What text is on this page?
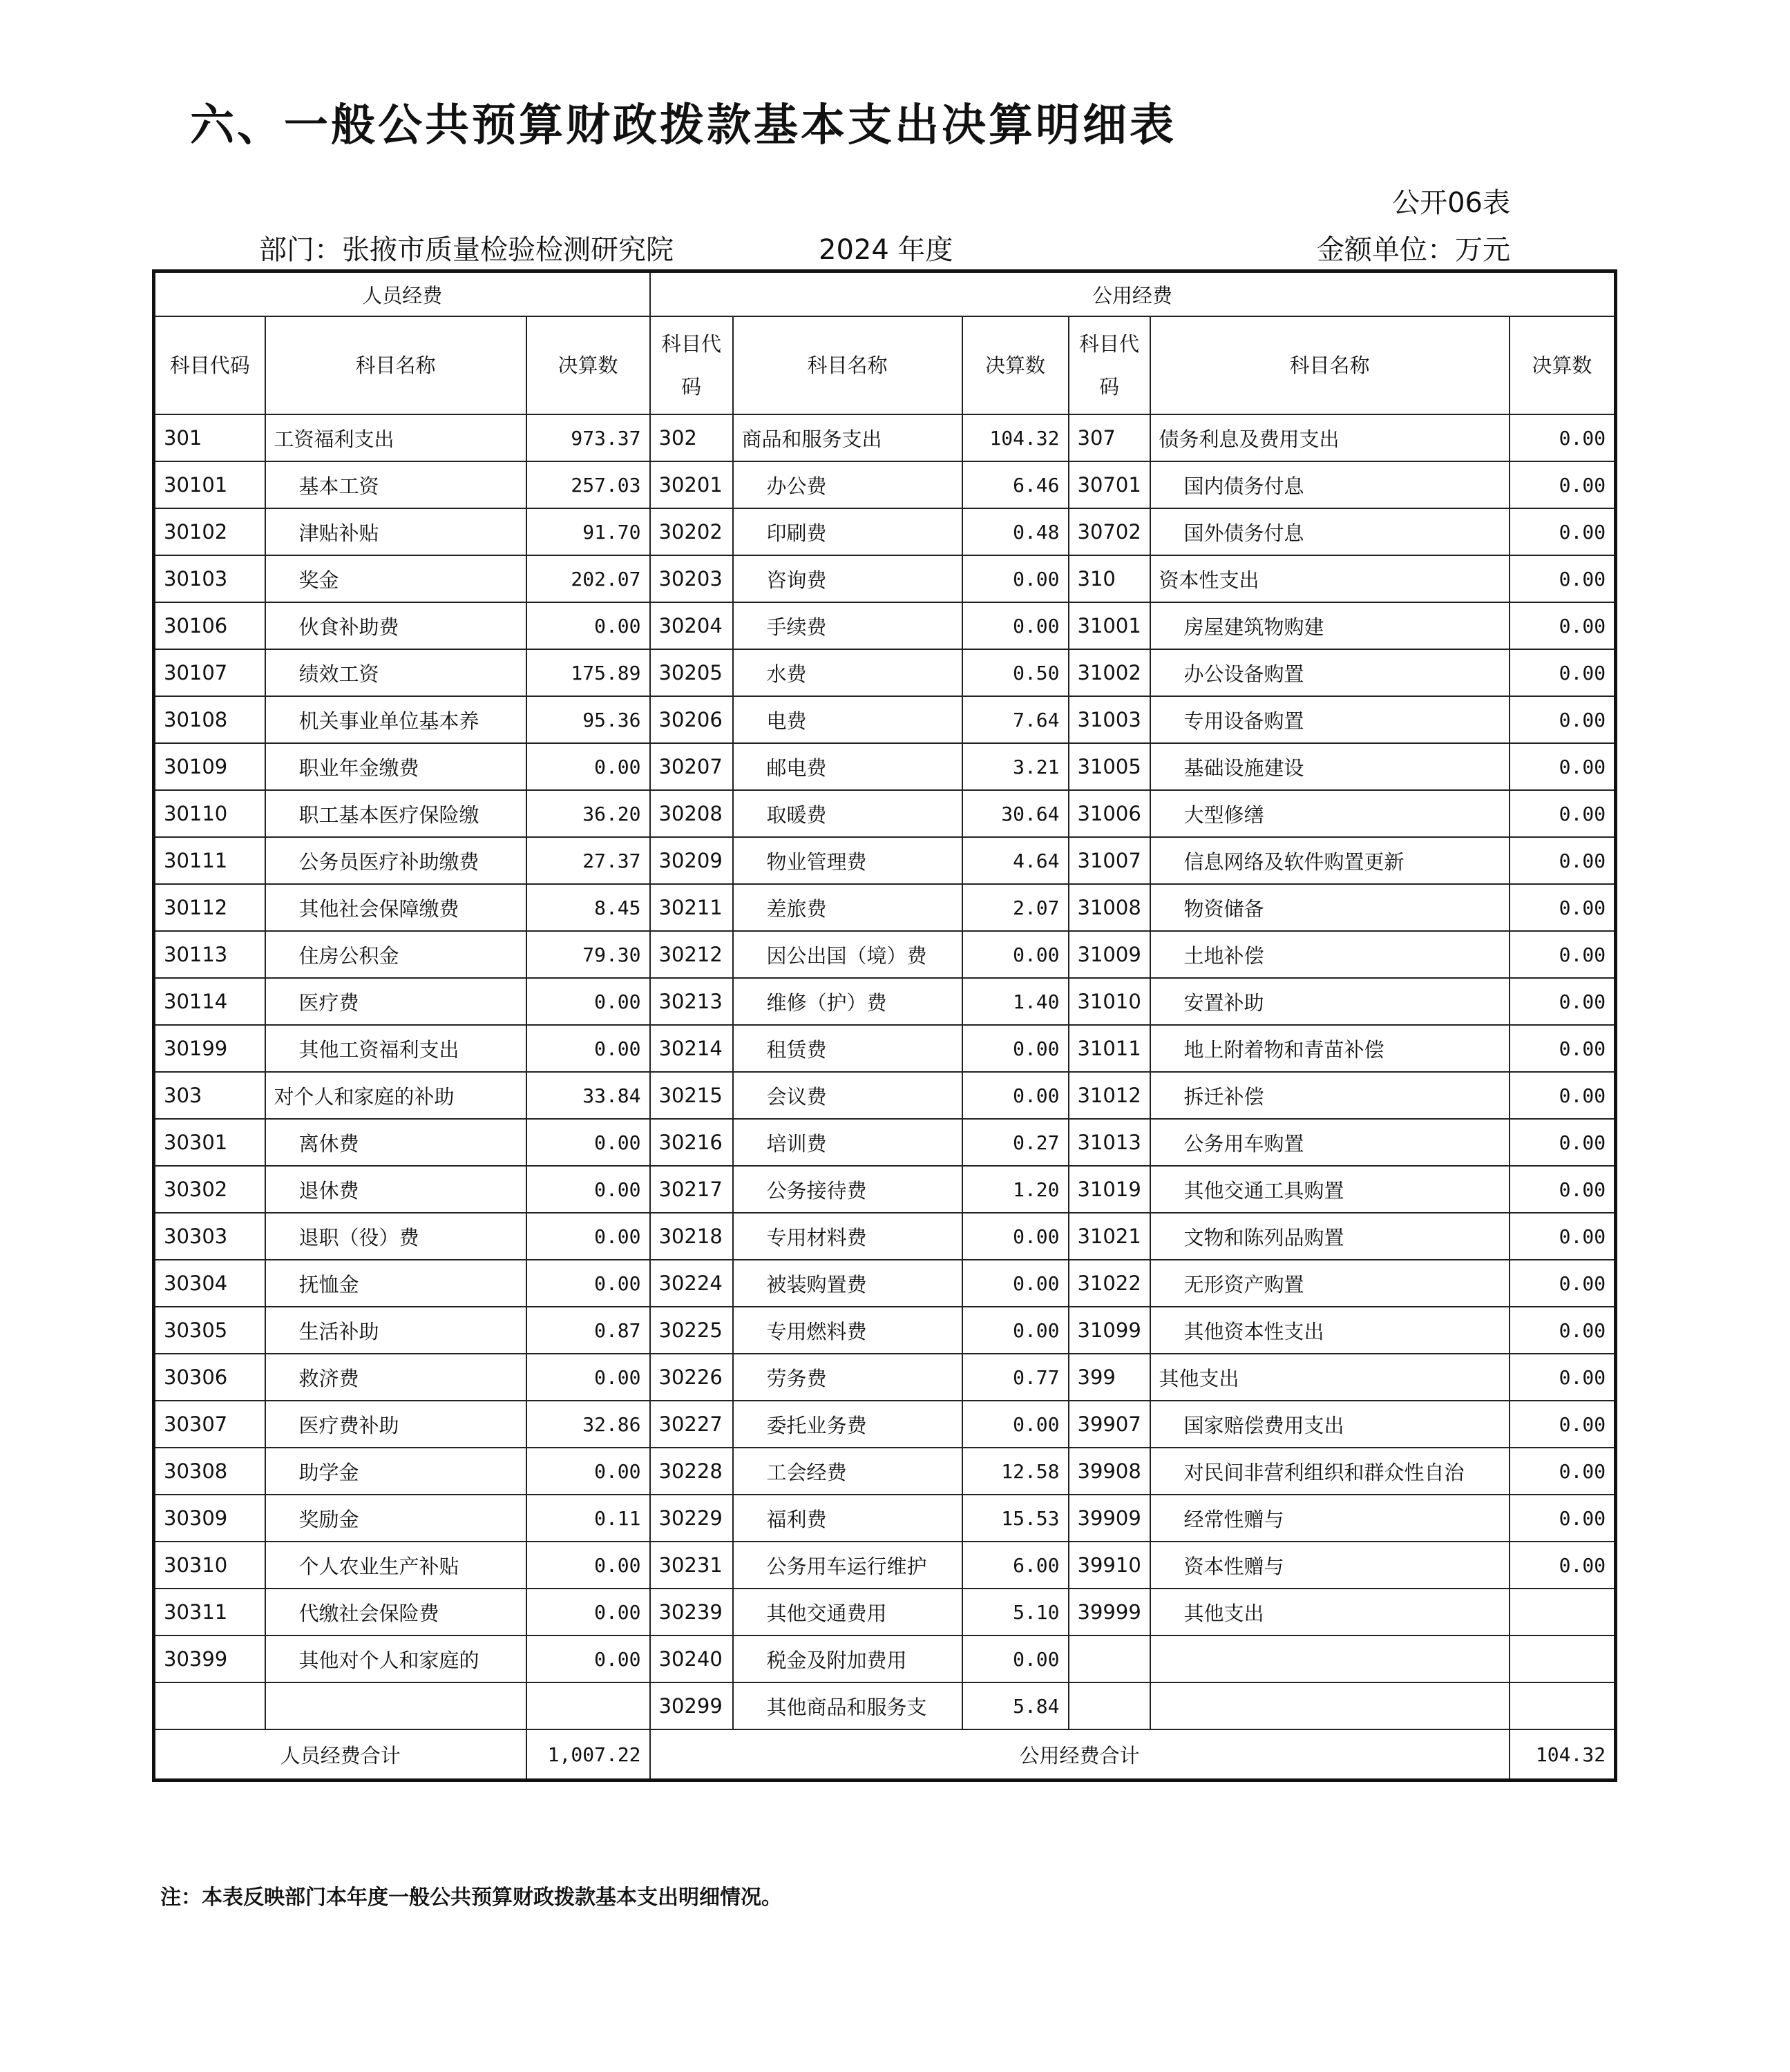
六、一般公共预算财政拨款基本支出决算明细表
公开06表
部门：张掖市质量检验检测研究院	2024 年度	金额单位：万元
人员经费			公用经费					
科目代码	科目名称	决算数	科目代码	科目名称	决算数	科目代码	科目名称	决算数
301	工资福利支出	973.37	302	商品和服务支出	104.32	307	债务利息及费用支出	0.00
30101	基本工资	257.03	30201	办公费	6.46	30701	国内债务付息	0.00
30102	津贴补贴	91.70	30202	印刷费	0.48	30702	国外债务付息	0.00
30103	奖金	202.07	30203	咨询费	0.00	310	资本性支出	0.00
30106	伙食补助费	0.00	30204	手续费	0.00	31001	房屋建筑物购建	0.00
30107	绩效工资	175.89	30205	水费	0.50	31002	办公设备购置	0.00
30108	机关事业单位基本养	95.36	30206	电费	7.64	31003	专用设备购置	0.00
30109	职业年金缴费	0.00	30207	邮电费	3.21	31005	基础设施建设	0.00
30110	职工基本医疗保险缴	36.20	30208	取暖费	30.64	31006	大型修缮	0.00
30111	公务员医疗补助缴费	27.37	30209	物业管理费	4.64	31007	信息网络及软件购置更新	0.00
30112	其他社会保障缴费	8.45	30211	差旅费	2.07	31008	物资储备	0.00
30113	住房公积金	79.30	30212	因公出国（境）费	0.00	31009	土地补偿	0.00
30114	医疗费	0.00	30213	维修（护）费	1.40	31010	安置补助	0.00
30199	其他工资福利支出	0.00	30214	租赁费	0.00	31011	地上附着物和青苗补偿	0.00
303	对个人和家庭的补助	33.84	30215	会议费	0.00	31012	拆迁补偿	0.00
30301	离休费	0.00	30216	培训费	0.27	31013	公务用车购置	0.00
30302	退休费	0.00	30217	公务接待费	1.20	31019	其他交通工具购置	0.00
30303	退职（役）费	0.00	30218	专用材料费	0.00	31021	文物和陈列品购置	0.00
30304	抚恤金	0.00	30224	被装购置费	0.00	31022	无形资产购置	0.00
30305	生活补助	0.87	30225	专用燃料费	0.00	31099	其他资本性支出	0.00
30306	救济费	0.00	30226	劳务费	0.77	399	其他支出	0.00
30307	医疗费补助	32.86	30227	委托业务费	0.00	39907	国家赔偿费用支出	0.00
30308	助学金	0.00	30228	工会经费	12.58	39908	对民间非营利组织和群众性自治	0.00
30309	奖励金	0.11	30229	福利费	15.53	39909	经常性赠与	0.00
30310	个人农业生产补贴	0.00	30231	公务用车运行维护	6.00	39910	资本性赠与	0.00
30311	代缴社会保险费	0.00	30239	其他交通费用	5.10	39999	其他支出	
30399	其他对个人和家庭的	0.00	30240	税金及附加费用	0.00			
			30299	其他商品和服务支	5.84			
人员经费合计		1,007.22	公用经费合计					104.32
注：本表反映部门本年度一般公共预算财政拨款基本支出明细情况。
